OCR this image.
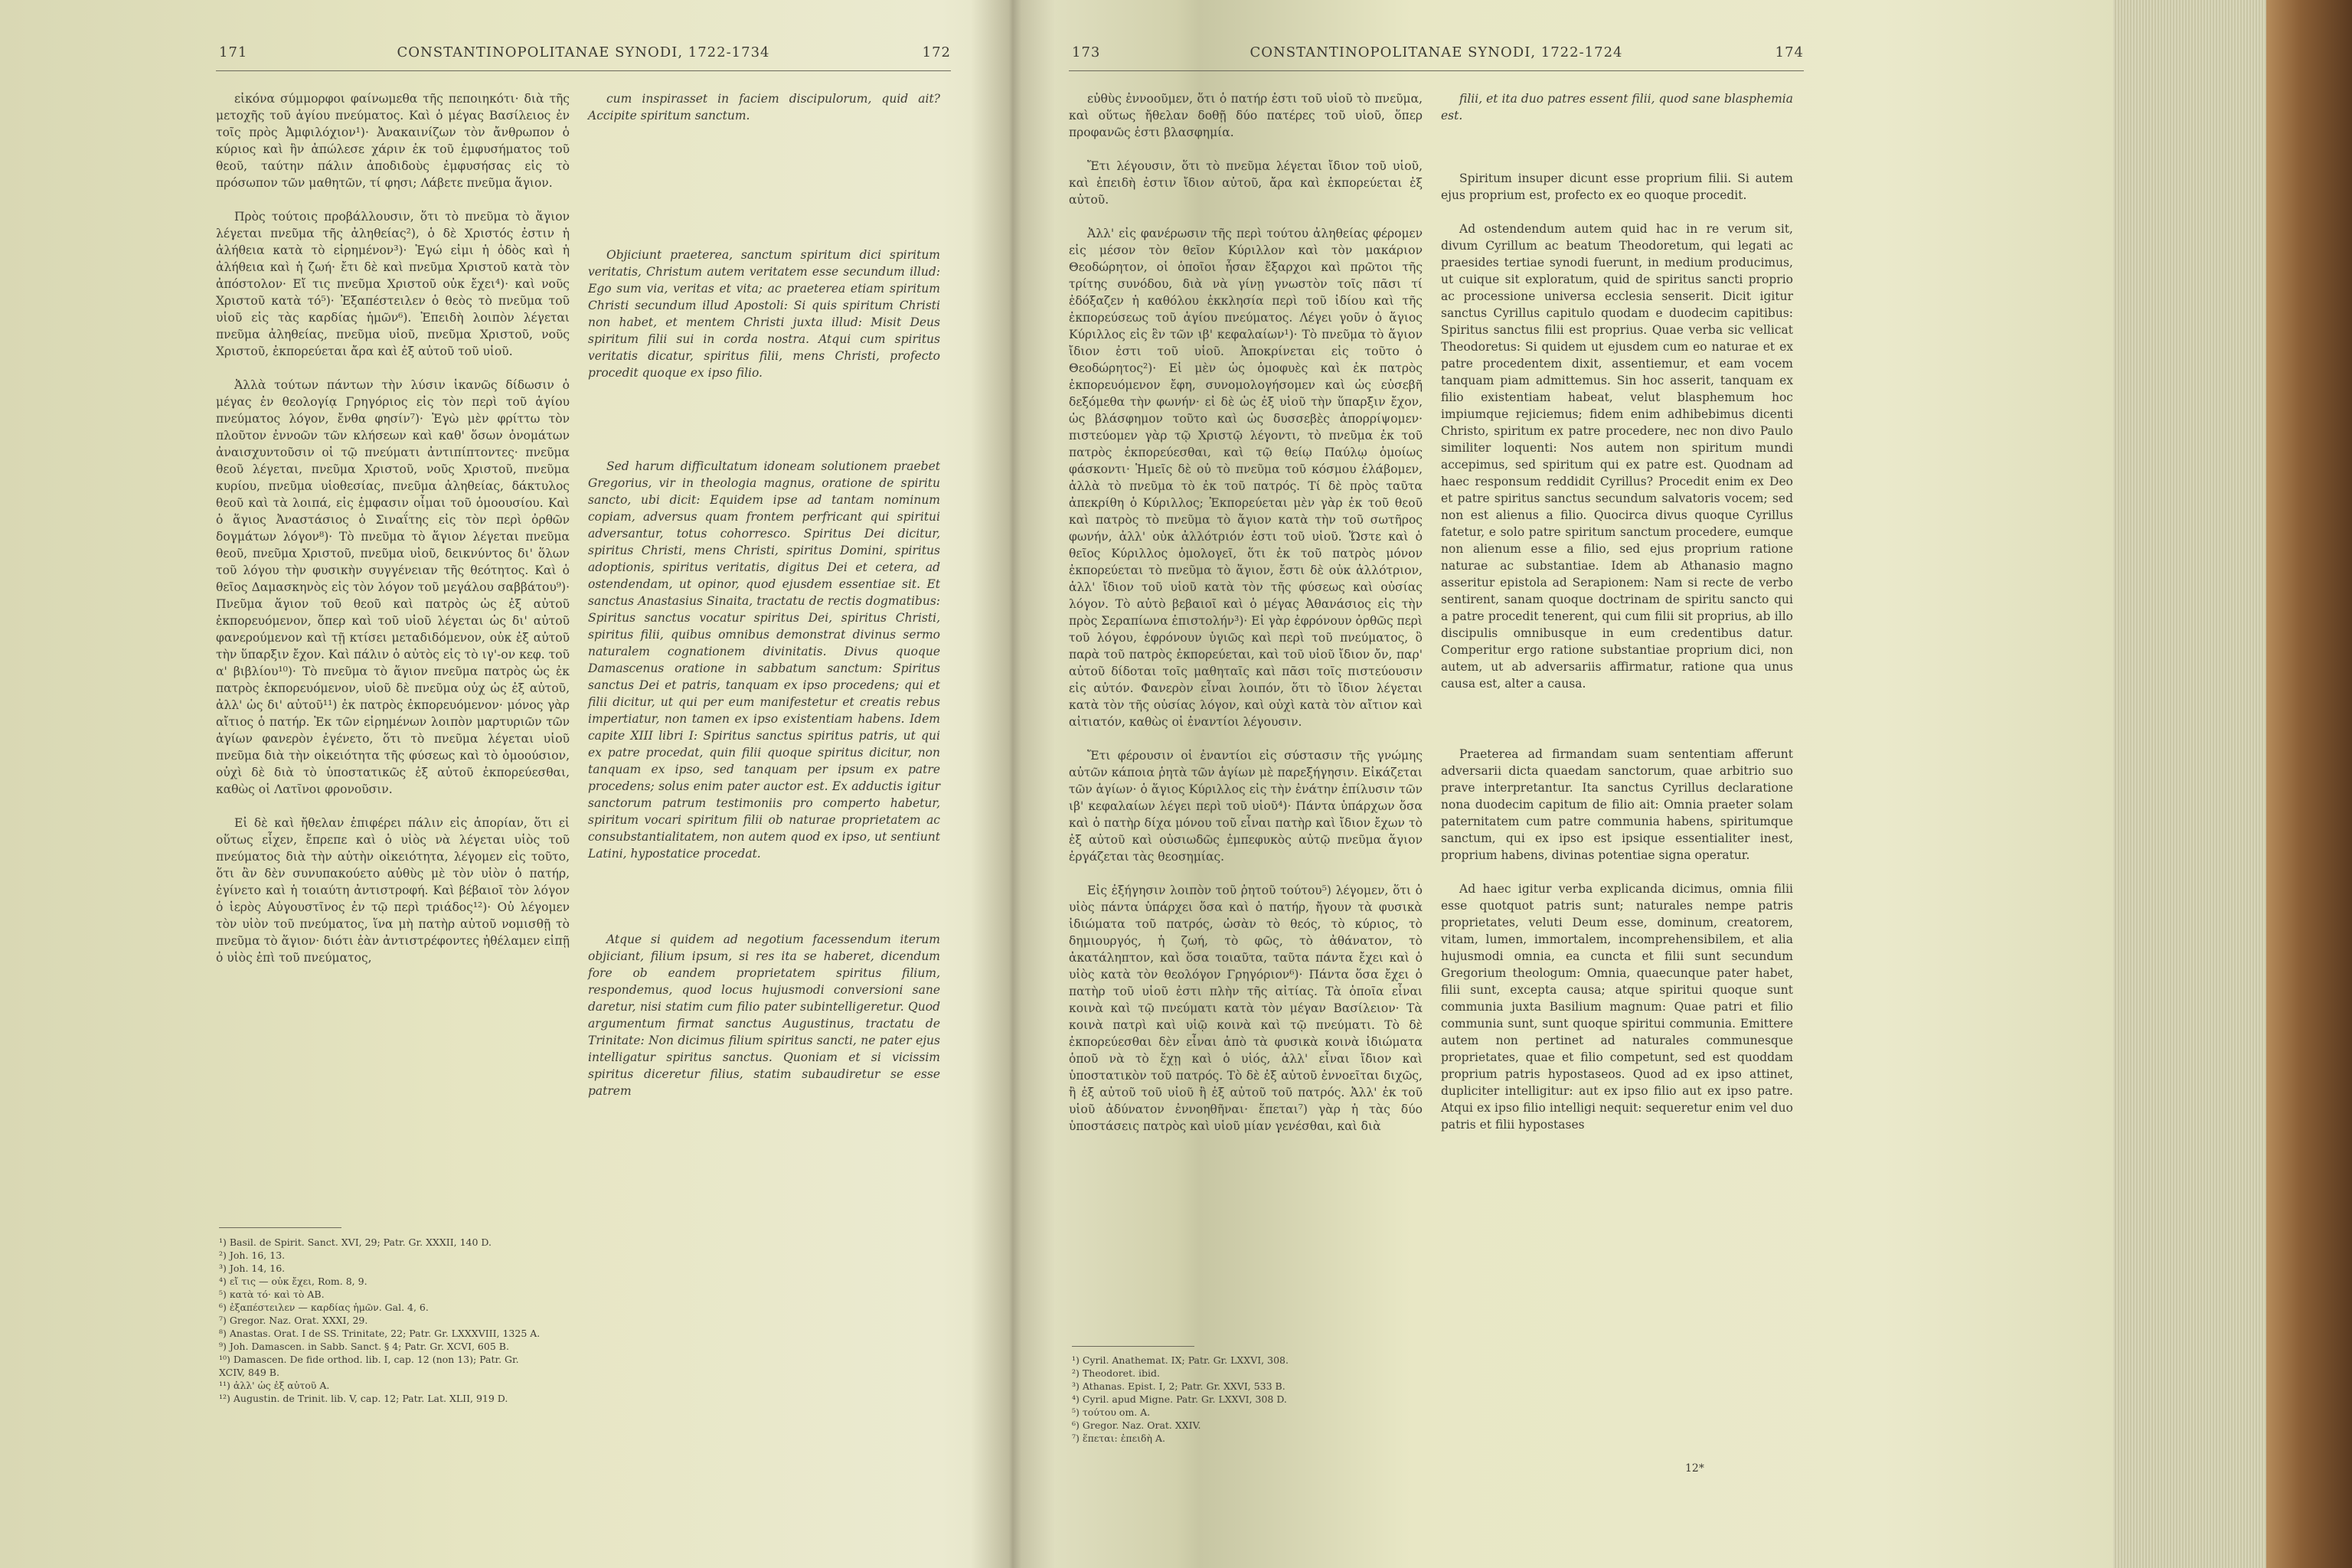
171	CONSTANTINOPOLITANAE SYNODI, 1722-1734	172

εἰκόνα σύμμορφοι φαίνωμεθα τῆς πεποιηκότι· διὰ τῆς μετοχῆς τοῦ ἁγίου πνεύματος. Καὶ ὁ μέγας Βασίλειος ἐν τοῖς πρὸς Ἀμφιλόχιον¹)· Ἀνακαινίζων τὸν ἄνθρωπον ὁ κύριος καὶ ἣν ἀπώλεσε χάριν ἐκ τοῦ ἐμφυσήματος τοῦ θεοῦ, ταύτην πάλιν ἀποδιδοὺς ἐμφυσήσας εἰς τὸ πρόσωπον τῶν μαθητῶν, τί φησι; Λάβετε πνεῦμα ἅγιον.

Πρὸς τούτοις προβάλλουσιν, ὅτι τὸ πνεῦμα τὸ ἅγιον λέγεται πνεῦμα τῆς ἀληθείας²), ὁ δὲ Χριστός ἐστιν ἡ ἀλήθεια κατὰ τὸ εἰρημένον³)· Ἐγώ εἰμι ἡ ὁδὸς καὶ ἡ ἀλήθεια καὶ ἡ ζωή· ἔτι δὲ καὶ πνεῦμα Χριστοῦ κατὰ τὸν ἀπόστολον· Εἴ τις πνεῦμα Χριστοῦ οὐκ ἔχει⁴)· καὶ νοῦς Χριστοῦ κατὰ τό⁵)· Ἐξαπέστειλεν ὁ θεὸς τὸ πνεῦμα τοῦ υἱοῦ εἰς τὰς καρδίας ἡμῶν⁶). Ἐπειδὴ λοιπὸν λέγεται πνεῦμα ἀληθείας, πνεῦμα υἱοῦ, πνεῦμα Χριστοῦ, νοῦς Χριστοῦ, ἐκπορεύεται ἄρα καὶ ἐξ αὐτοῦ τοῦ υἱοῦ.

Ἀλλὰ τούτων πάντων τὴν λύσιν ἱκανῶς δίδωσιν ὁ μέγας ἐν θεολογίᾳ Γρηγόριος εἰς τὸν περὶ τοῦ ἁγίου πνεύματος λόγον, ἔνθα φησίν⁷)· Ἐγὼ μὲν φρίττω τὸν πλοῦτον ἐννοῶν τῶν κλήσεων καὶ καθ' ὅσων ὀνομάτων ἀναισχυντοῦσιν οἱ τῷ πνεύματι ἀντιπίπτοντες· πνεῦμα θεοῦ λέγεται, πνεῦμα Χριστοῦ, νοῦς Χριστοῦ, πνεῦμα κυρίου, πνεῦμα υἱοθεσίας, πνεῦμα ἀληθείας, δάκτυλος θεοῦ καὶ τὰ λοιπά, εἰς ἐμφασιν οἶμαι τοῦ ὁμοουσίου. Καὶ ὁ ἅγιος Ἀναστάσιος ὁ Σιναΐτης εἰς τὸν περὶ ὀρθῶν δογμάτων λόγον⁸)· Τὸ πνεῦμα τὸ ἅγιον λέγεται πνεῦμα θεοῦ, πνεῦμα Χριστοῦ, πνεῦμα υἱοῦ, δεικνύντος δι' ὅλων τοῦ λόγου τὴν φυσικὴν συγγένειαν τῆς θεότητος. Καὶ ὁ θεῖος Δαμασκηνὸς εἰς τὸν λόγον τοῦ μεγάλου σαββάτου⁹)· Πνεῦμα ἅγιον τοῦ θεοῦ καὶ πατρὸς ὡς ἐξ αὐτοῦ ἐκπορευόμενον, ὅπερ καὶ τοῦ υἱοῦ λέγεται ὡς δι' αὐτοῦ φανερούμενον καὶ τῇ κτίσει μεταδιδόμενον, οὐκ ἐξ αὐτοῦ τὴν ὕπαρξιν ἔχον. Καὶ πάλιν ὁ αὐτὸς εἰς τὸ ιγ'-ον κεφ. τοῦ α' βιβλίου¹⁰)· Τὸ πνεῦμα τὸ ἅγιον πνεῦμα πατρὸς ὡς ἐκ πατρὸς ἐκπορευόμενον, υἱοῦ δὲ πνεῦμα οὐχ ὡς ἐξ αὐτοῦ, ἀλλ' ὡς δι' αὐτοῦ¹¹) ἐκ πατρὸς ἐκπορευόμενον· μόνος γὰρ αἴτιος ὁ πατήρ. Ἐκ τῶν εἰρημένων λοιπὸν μαρτυριῶν τῶν ἁγίων φανερὸν ἐγένετο, ὅτι τὸ πνεῦμα λέγεται υἱοῦ πνεῦμα διὰ τὴν οἰκειότητα τῆς φύσεως καὶ τὸ ὁμοούσιον, οὐχὶ δὲ διὰ τὸ ὑποστατικῶς ἐξ αὐτοῦ ἐκπορεύεσθαι, καθὼς οἱ Λατῖνοι φρονοῦσιν.

Εἰ δὲ καὶ ἤθελαν ἐπιφέρει πάλιν εἰς ἀπορίαν, ὅτι εἰ οὕτως εἶχεν, ἔπρεπε καὶ ὁ υἱὸς νὰ λέγεται υἱὸς τοῦ πνεύματος διὰ τὴν αὐτὴν οἰκειότητα, λέγομεν εἰς τοῦτο, ὅτι ἂν δὲν συνυπακούετο αὐθὺς μὲ τὸν υἱὸν ὁ πατήρ, ἐγίνετο καὶ ἡ τοιαύτη ἀντιστροφή. Καὶ βέβαιοῖ τὸν λόγον ὁ ἱερὸς Αὐγουστῖνος ἐν τῷ περὶ τριάδος¹²)· Οὐ λέγομεν τὸν υἱὸν τοῦ πνεύματος, ἵνα μὴ πατὴρ αὐτοῦ νομισθῇ τὸ πνεῦμα τὸ ἅγιον· διότι ἐὰν ἀντιστρέφοντες ἠθέλαμεν εἰπῇ ὁ υἱὸς ἐπὶ τοῦ πνεύματος,

cum inspirasset in faciem discipulorum, quid ait? Accipite spiritum sanctum.

Objiciunt praeterea, sanctum spiritum dici spiritum veritatis, Christum autem veritatem esse secundum illud: Ego sum via, veritas et vita; ac praeterea etiam spiritum Christi secundum illud Apostoli: Si quis spiritum Christi non habet, et mentem Christi juxta illud: Misit Deus spiritum filii sui in corda nostra. Atqui cum spiritus veritatis dicatur, spiritus filii, mens Christi, profecto procedit quoque ex ipso filio.

Sed harum difficultatum idoneam solutionem praebet Gregorius, vir in theologia magnus, oratione de spiritu sancto, ubi dicit: Equidem ipse ad tantam nominum copiam, adversus quam frontem perfricant qui spiritui adversantur, totus cohorresco. Spiritus Dei dicitur, spiritus Christi, mens Christi, spiritus Domini, spiritus adoptionis, spiritus veritatis, digitus Dei et cetera, ad ostendendam, ut opinor, quod ejusdem essentiae sit. Et sanctus Anastasius Sinaita, tractatu de rectis dogmatibus: Spiritus sanctus vocatur spiritus Dei, spiritus Christi, spiritus filii, quibus omnibus demonstrat divinus sermo naturalem cognationem divinitatis. Divus quoque Damascenus oratione in sabbatum sanctum: Spiritus sanctus Dei et patris, tanquam ex ipso procedens; qui et filii dicitur, ut qui per eum manifestetur et creatis rebus impertiatur, non tamen ex ipso existentiam habens. Idem capite XIII libri I: Spiritus sanctus spiritus patris, ut qui ex patre procedat, quin filii quoque spiritus dicitur, non tanquam ex ipso, sed tanquam per ipsum ex patre procedens; solus enim pater auctor est. Ex adductis igitur sanctorum patrum testimoniis pro comperto habetur, spiritum vocari spiritum filii ob naturae proprietatem ac consubstantialitatem, non autem quod ex ipso, ut sentiunt Latini, hypostatice procedat.

Atque si quidem ad negotium facessendum iterum objiciant, filium ipsum, si res ita se haberet, dicendum fore ob eandem proprietatem spiritus filium, respondemus, quod locus hujusmodi conversioni sane daretur, nisi statim cum filio pater subintelligeretur. Quod argumentum firmat sanctus Augustinus, tractatu de Trinitate: Non dicimus filium spiritus sancti, ne pater ejus intelligatur spiritus sanctus. Quoniam et si vicissim spiritus diceretur filius, statim subaudiretur se esse patrem

¹) Basil. de Spirit. Sanct. XVI, 29; Patr. Gr. XXXII, 140 D.
²) Joh. 16, 13.
³) Joh. 14, 16.
⁴) εἴ τις — οὐκ ἔχει, Rom. 8, 9.
⁵) κατὰ τό· καὶ τὸ AB.
⁶) ἐξαπέστειλεν — καρδίας ἡμῶν. Gal. 4, 6.
⁷) Gregor. Naz. Orat. XXXI, 29.
⁸) Anastas. Orat. I de SS. Trinitate, 22; Patr. Gr. LXXXVIII, 1325 A.
⁹) Joh. Damascen. in Sabb. Sanct. § 4; Patr. Gr. XCVI, 605 B.
¹⁰) Damascen. De fide orthod. lib. I, cap. 12 (non 13); Patr. Gr. XCIV, 849 B.
¹¹) ἀλλ' ὡς ἐξ αὐτοῦ A.
¹²) Augustin. de Trinit. lib. V, cap. 12; Patr. Lat. XLII, 919 D.
173	CONSTANTINOPOLITANAE SYNODI, 1722-1724	174

εὐθὺς ἐννοοῦμεν, ὅτι ὁ πατήρ ἐστι τοῦ υἱοῦ τὸ πνεῦμα, καὶ οὕτως ἤθελαν δοθῇ δύο πατέρες τοῦ υἱοῦ, ὅπερ προφανῶς ἐστι βλασφημία.

Ἔτι λέγουσιν, ὅτι τὸ πνεῦμα λέγεται ἴδιον τοῦ υἱοῦ, καὶ ἐπειδὴ ἐστιν ἴδιον αὐτοῦ, ἄρα καὶ ἐκπορεύεται ἐξ αὐτοῦ.

Ἀλλ' εἰς φανέρωσιν τῆς περὶ τούτου ἀληθείας φέρομεν εἰς μέσον τὸν θεῖον Κύριλλον καὶ τὸν μακάριον Θεοδώρητον, οἱ ὁποῖοι ἦσαν ἔξαρχοι καὶ πρῶτοι τῆς τρίτης συνόδου, διὰ νὰ γίνῃ γνωστὸν τοῖς πᾶσι τί ἐδόξαζεν ἡ καθόλου ἐκκλησία περὶ τοῦ ἰδίου καὶ τῆς ἐκπορεύσεως τοῦ ἁγίου πνεύματος. Λέγει γοῦν ὁ ἅγιος Κύριλλος εἰς ἓν τῶν ιβ' κεφαλαίων¹)· Τὸ πνεῦμα τὸ ἅγιον ἴδιον ἐστι τοῦ υἱοῦ. Ἀποκρίνεται εἰς τοῦτο ὁ Θεοδώρητος²)· Εἰ μὲν ὡς ὁμοφυὲς καὶ ἐκ πατρὸς ἐκπορευόμενον ἔφη, συνομολογήσομεν καὶ ὡς εὐσεβῆ δεξόμεθα τὴν φωνήν· εἰ δὲ ὡς ἐξ υἱοῦ τὴν ὕπαρξιν ἔχον, ὡς βλάσφημον τοῦτο καὶ ὡς δυσσεβὲς ἀπορρίψομεν· πιστεύομεν γὰρ τῷ Χριστῷ λέγοντι, τὸ πνεῦμα ἐκ τοῦ πατρὸς ἐκπορεύεσθαι, καὶ τῷ θείῳ Παύλῳ ὁμοίως φάσκοντι· Ἡμεῖς δὲ οὐ τὸ πνεῦμα τοῦ κόσμου ἐλάβομεν, ἀλλὰ τὸ πνεῦμα τὸ ἐκ τοῦ πατρός. Τί δὲ πρὸς ταῦτα ἀπεκρίθη ὁ Κύριλλος; Ἐκπορεύεται μὲν γὰρ ἐκ τοῦ θεοῦ καὶ πατρὸς τὸ πνεῦμα τὸ ἅγιον κατὰ τὴν τοῦ σωτῆρος φωνήν, ἀλλ' οὐκ ἀλλότριόν ἐστι τοῦ υἱοῦ. Ὥστε καὶ ὁ θεῖος Κύριλλος ὁμολογεῖ, ὅτι ἐκ τοῦ πατρὸς μόνον ἐκπορεύεται τὸ πνεῦμα τὸ ἅγιον, ἔστι δὲ οὐκ ἀλλότριον, ἀλλ' ἴδιον τοῦ υἱοῦ κατὰ τὸν τῆς φύσεως καὶ οὐσίας λόγον. Τὸ αὐτὸ βεβαιοῖ καὶ ὁ μέγας Ἀθανάσιος εἰς τὴν πρὸς Σεραπίωνα ἐπιστολήν³)· Εἰ γὰρ ἐφρόνουν ὀρθῶς περὶ τοῦ λόγου, ἐφρόνουν ὑγιῶς καὶ περὶ τοῦ πνεύματος, ὃ παρὰ τοῦ πατρὸς ἐκπορεύεται, καὶ τοῦ υἱοῦ ἴδιον ὄν, παρ' αὐτοῦ δίδοται τοῖς μαθηταῖς καὶ πᾶσι τοῖς πιστεύουσιν εἰς αὐτόν. Φανερὸν εἶναι λοιπόν, ὅτι τὸ ἴδιον λέγεται κατὰ τὸν τῆς οὐσίας λόγον, καὶ οὐχὶ κατὰ τὸν αἴτιον καὶ αἰτιατόν, καθὼς οἱ ἐναντίοι λέγουσιν.

Ἔτι φέρουσιν οἱ ἐναντίοι εἰς σύστασιν τῆς γνώμης αὐτῶν κάποια ῥητὰ τῶν ἁγίων μὲ παρεξήγησιν. Εἰκάζεται τῶν ἁγίων· ὁ ἅγιος Κύριλλος εἰς τὴν ἐνάτην ἐπίλυσιν τῶν ιβ' κεφαλαίων λέγει περὶ τοῦ υἱοῦ⁴)· Πάντα ὑπάρχων ὅσα καὶ ὁ πατὴρ δίχα μόνου τοῦ εἶναι πατὴρ καὶ ἴδιον ἔχων τὸ ἐξ αὐτοῦ καὶ οὐσιωδῶς ἐμπεφυκὸς αὐτῷ πνεῦμα ἅγιον ἐργάζεται τὰς θεοσημίας.

Εἰς ἐξήγησιν λοιπὸν τοῦ ῥητοῦ τούτου⁵) λέγομεν, ὅτι ὁ υἱὸς πάντα ὑπάρχει ὅσα καὶ ὁ πατήρ, ἤγουν τὰ φυσικὰ ἰδιώματα τοῦ πατρός, ὡσὰν τὸ θεός, τὸ κύριος, τὸ δημιουργός, ἡ ζωή, τὸ φῶς, τὸ ἀθάνατον, τὸ ἀκατάληπτον, καὶ ὅσα τοιαῦτα, ταῦτα πάντα ἔχει καὶ ὁ υἱὸς κατὰ τὸν θεολόγον Γρηγόριον⁶)· Πάντα ὅσα ἔχει ὁ πατὴρ τοῦ υἱοῦ ἐστι πλὴν τῆς αἰτίας. Τὰ ὁποῖα εἶναι κοινὰ καὶ τῷ πνεύματι κατὰ τὸν μέγαν Βασίλειον· Τὰ κοινὰ πατρὶ καὶ υἱῷ κοινὰ καὶ τῷ πνεύματι. Τὸ δὲ ἐκπορεύεσθαι δὲν εἶναι ἀπὸ τὰ φυσικὰ κοινὰ ἰδιώματα ὁποῦ νὰ τὸ ἔχῃ καὶ ὁ υἱός, ἀλλ' εἶναι ἴδιον καὶ ὑποστατικὸν τοῦ πατρός. Τὸ δὲ ἐξ αὐτοῦ ἐννοεῖται διχῶς, ἢ ἐξ αὐτοῦ τοῦ υἱοῦ ἢ ἐξ αὐτοῦ τοῦ πατρός. Ἀλλ' ἐκ τοῦ υἱοῦ ἀδύνατον ἐννοηθῆναι· ἕπεται⁷) γὰρ ἡ τὰς δύο ὑποστάσεις πατρὸς καὶ υἱοῦ μίαν γενέσθαι, καὶ διὰ

filii, et ita duo patres essent filii, quod sane blasphemia est.

Spiritum insuper dicunt esse proprium filii. Si autem ejus proprium est, profecto ex eo quoque procedit.

Ad ostendendum autem quid hac in re verum sit, divum Cyrillum ac beatum Theodoretum, qui legati ac praesides tertiae synodi fuerunt, in medium producimus, ut cuique sit exploratum, quid de spiritus sancti proprio ac processione universa ecclesia senserit. Dicit igitur sanctus Cyrillus capitulo quodam e duodecim capitibus: Spiritus sanctus filii est proprius. Quae verba sic vellicat Theodoretus: Si quidem ut ejusdem cum eo naturae et ex patre procedentem dixit, assentiemur, et eam vocem tanquam piam admittemus. Sin hoc asserit, tanquam ex filio existentiam habeat, velut blasphemum hoc impiumque rejiciemus; fidem enim adhibebimus dicenti Christo, spiritum ex patre procedere, nec non divo Paulo similiter loquenti: Nos autem non spiritum mundi accepimus, sed spiritum qui ex patre est. Quodnam ad haec responsum reddidit Cyrillus? Procedit enim ex Deo et patre spiritus sanctus secundum salvatoris vocem; sed non est alienus a filio. Quocirca divus quoque Cyrillus fatetur, e solo patre spiritum sanctum procedere, eumque non alienum esse a filio, sed ejus proprium ratione naturae ac substantiae. Idem ab Athanasio magno asseritur epistola ad Serapionem: Nam si recte de verbo sentirent, sanam quoque doctrinam de spiritu sancto qui a patre procedit tenerent, qui cum filii sit proprius, ab illo discipulis omnibusque in eum credentibus datur. Comperitur ergo ratione substantiae proprium dici, non autem, ut ab adversariis affirmatur, ratione qua unus causa est, alter a causa.

Praeterea ad firmandam suam sententiam afferunt adversarii dicta quaedam sanctorum, quae arbitrio suo prave interpretantur. Ita sanctus Cyrillus declaratione nona duodecim capitum de filio ait: Omnia praeter solam paternitatem cum patre communia habens, spiritumque sanctum, qui ex ipso est ipsique essentialiter inest, proprium habens, divinas potentiae signa operatur.

Ad haec igitur verba explicanda dicimus, omnia filii esse quotquot patris sunt; naturales nempe patris proprietates, veluti Deum esse, dominum, creatorem, vitam, lumen, immortalem, incomprehensibilem, et alia hujusmodi omnia, ea cuncta et filii sunt secundum Gregorium theologum: Omnia, quaecunque pater habet, filii sunt, excepta causa; atque spiritui quoque sunt communia juxta Basilium magnum: Quae patri et filio communia sunt, sunt quoque spiritui communia. Emittere autem non pertinet ad naturales communesque proprietates, quae et filio competunt, sed est quoddam proprium patris hypostaseos. Quod ad ex ipso attinet, dupliciter intelligitur: aut ex ipso filio aut ex ipso patre. Atqui ex ipso filio intelligi nequit: sequeretur enim vel duo patris et filii hypostases

¹) Cyril. Anathemat. IX; Patr. Gr. LXXVI, 308.
²) Theodoret. ibid.
³) Athanas. Epist. I, 2; Patr. Gr. XXVI, 533 B.
⁴) Cyril. apud Migne. Patr. Gr. LXXVI, 308 D.
⁵) τούτου om. A.
⁶) Gregor. Naz. Orat. XXIV.
⁷) ἕπεται: ἐπειδὴ A.
12*
